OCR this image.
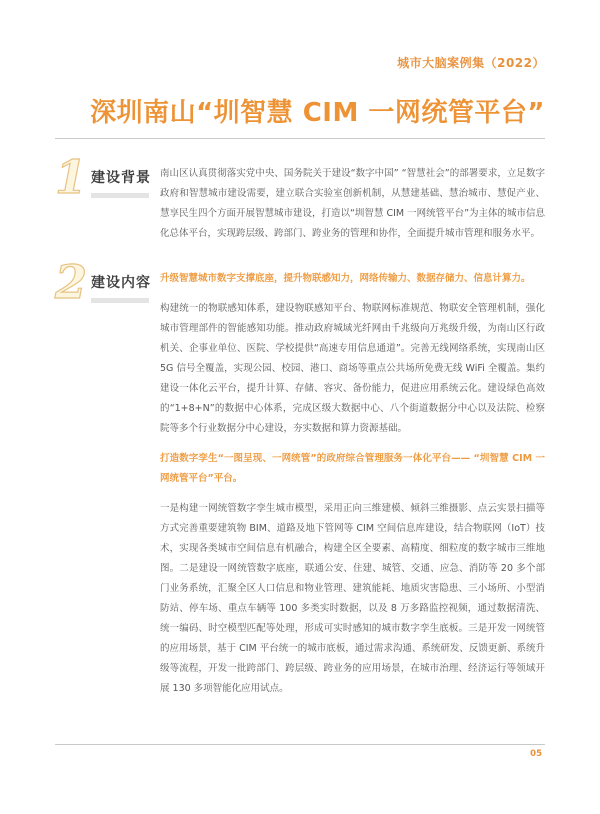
城市大脑案例集（2022）
深圳南山“圳智慧 CIM 一网统管平台”
1 建设背景 南山区认真贯彻落实党中央、国务院关于建设“数字中国” “智慧社会”的部署要求，立足数字政府和智慧城市建设需要，建立联合实验室创新机制，从慧建基础、慧治城市、慧促产业、慧享民生四个方面开展智慧城市建设，打造以“圳智慧 CIM 一网统管平台”为主体的城市信息化总体平台，实现跨层级、跨部门、跨业务的管理和协作，全面提升城市管理和服务水平。

2 建设内容 升级智慧城市数字支撑底座，提升物联感知力，网络传输力、数据存储力、信息计算力。

构建统一的物联感知体系，建设物联感知平台、物联网标准规范、物联安全管理机制，强化城市管理部件的智能感知功能。推动政府城域光纤网由千兆级向万兆级升级，为南山区行政机关、企事业单位、医院、学校提供“高速专用信息通道”。完善无线网络系统，实现南山区 5G 信号全覆盖，实现公园、校园、港口、商场等重点公共场所免费无线 WiFi 全覆盖。集约建设一体化云平台，提升计算、存储、容灾、备份能力，促进应用系统云化。建设绿色高效的“1+8+N”的数据中心体系，完成区级大数据中心、八个街道数据分中心以及法院、检察院等多个行业数据分中心建设，夯实数据和算力资源基础。

打造数字孪生“一图呈现、一网统管”的政府综合管理服务一体化平台—— “圳智慧 CIM 一网统管平台”平台。

一是构建一网统管数字孪生城市模型，采用正向三维建模、倾斜三维摄影、点云实景扫描等方式完善重要建筑物 BIM、道路及地下管网等 CIM 空间信息库建设，结合物联网（IoT）技术，实现各类城市空间信息有机融合，构建全区全要素、高精度、细粒度的数字城市三维地图。二是建设一网统管数字底座，联通公安、住建、城管、交通、应急、消防等 20 多个部门业务系统，汇聚全区人口信息和物业管理、建筑能耗、地质灾害隐患、三小场所、小型消防站、停车场、重点车辆等 100 多类实时数据，以及 8 万多路监控视频，通过数据清洗、统一编码、时空模型匹配等处理，形成可实时感知的城市数字孪生底板。三是开发一网统管的应用场景，基于 CIM 平台统一的城市底板，通过需求沟通、系统研发、反馈更新、系统升级等流程，开发一批跨部门、跨层级、跨业务的应用场景，在城市治理、经济运行等领域开展 130 多项智能化应用试点。

05
